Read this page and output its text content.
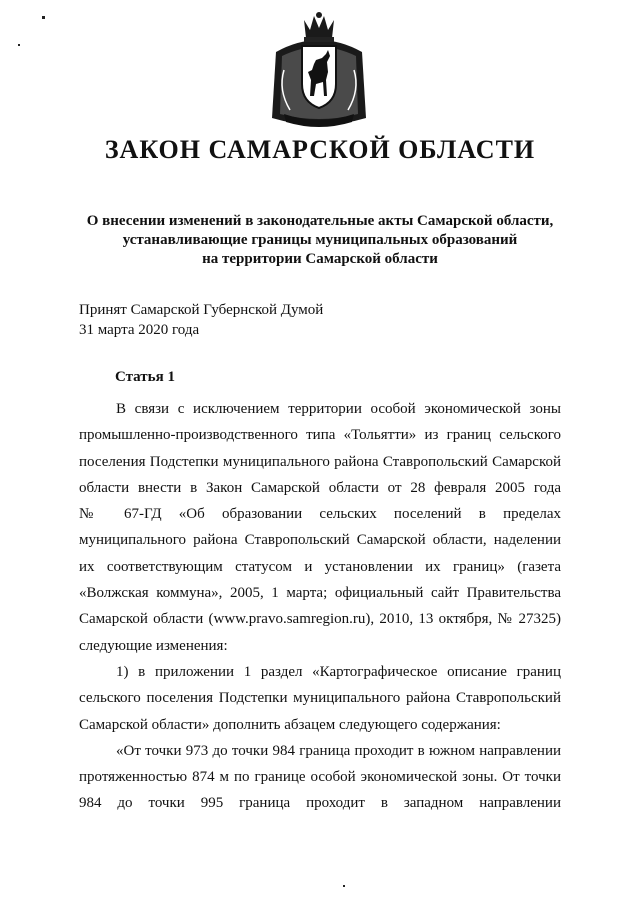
ЗАКОН САМАРСКОЙ ОБЛАСТИ
О внесении изменений в законодательные акты Самарской области,
устанавливающие границы муниципальных образований
на территории Самарской области
Принят Самарской Губернской Думой
31 марта 2020 года
Статья 1
В связи с исключением территории особой экономической зоны
промышленно-производственного типа «Тольятти» из границ сельского
поселения Подстепки муниципального района Ставропольский Самарской
области внести в Закон Самарской области от 28 февраля 2005 года
№ 67-ГД «Об образовании сельских поселений в пределах
муниципального района Ставропольский Самарской области, наделении
их соответствующим статусом и установлении их границ» (газета
«Волжская коммуна», 2005, 1 марта; официальный сайт Правительства
Самарской области (www.pravo.samregion.ru), 2010, 13 октября, № 27325)
следующие изменения:
1) в приложении 1 раздел «Картографическое описание границ
сельского поселения Подстепки муниципального района Ставропольский
Самарской области» дополнить абзацем следующего содержания:
«От точки 973 до точки 984 граница проходит в южном направлении
протяженностью 874 м по границе особой экономической зоны. От точки
984 до точки 995 граница проходит в западном направлении
